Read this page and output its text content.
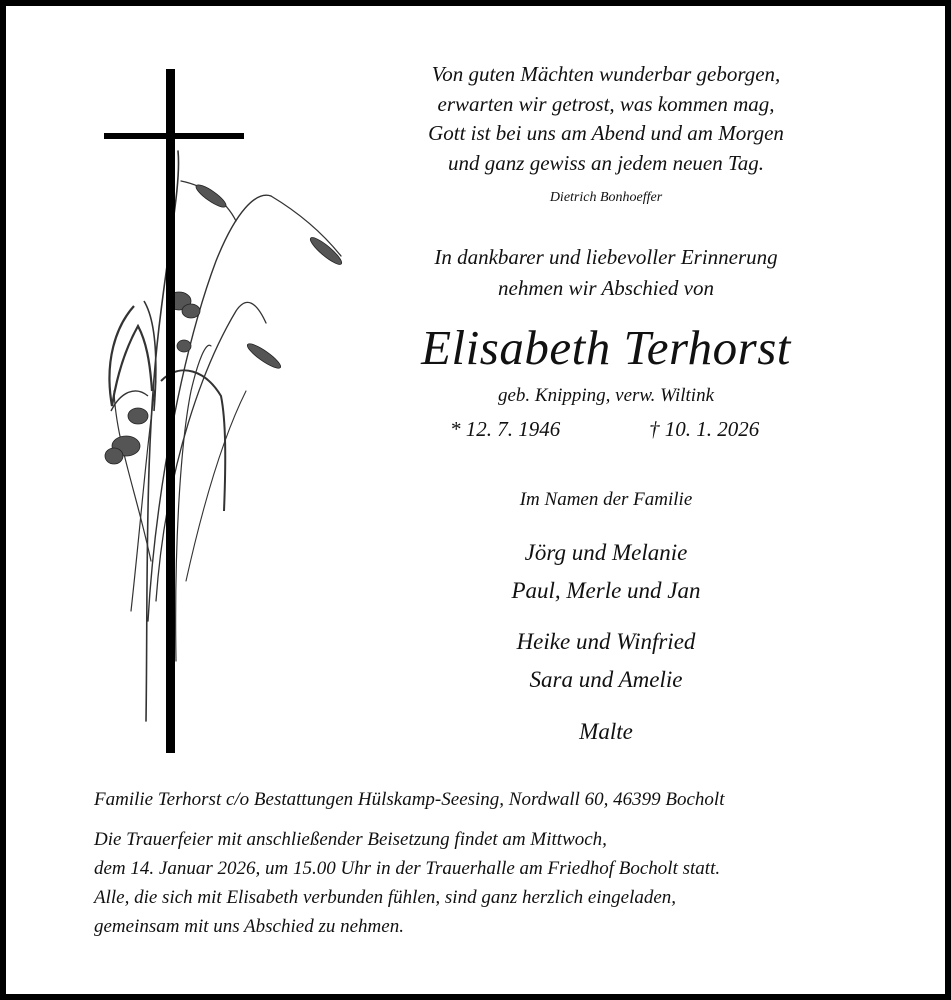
Von guten Mächten wunderbar geborgen,
erwarten wir getrost, was kommen mag,
Gott ist bei uns am Abend und am Morgen
und ganz gewiss an jedem neuen Tag.
Dietrich Bonhoeffer
In dankbarer und liebevoller Erinnerung
nehmen wir Abschied von
Elisabeth Terhorst
geb. Knipping, verw. Wiltink
* 12. 7. 1946	† 10. 1. 2026
Im Namen der Familie
Jörg und Melanie
Paul, Merle und Jan
Heike und Winfried
Sara und Amelie
Malte
Familie Terhorst c/o Bestattungen Hülskamp-Seesing, Nordwall 60, 46399 Bocholt
Die Trauerfeier mit anschließender Beisetzung findet am Mittwoch,
dem 14. Januar 2026, um 15.00 Uhr in der Trauerhalle am Friedhof Bocholt statt.
Alle, die sich mit Elisabeth verbunden fühlen, sind ganz herzlich eingeladen,
gemeinsam mit uns Abschied zu nehmen.
